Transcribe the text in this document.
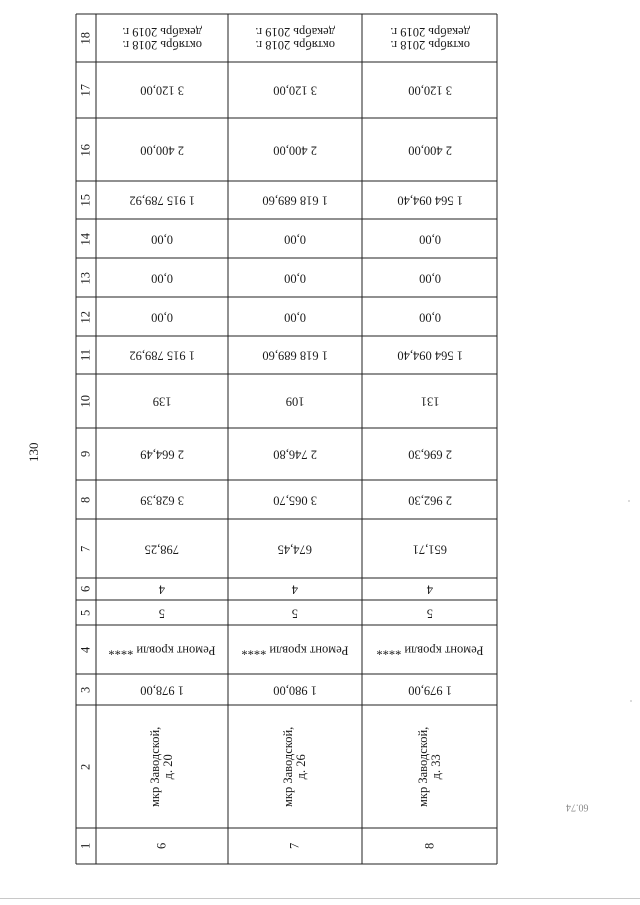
130
18
17
16
15
14
13
12
11
10
9
8
7
6
5
4
3
2
1
октябрь 2018 г.
декабрь 2019 г.
3 120,00
2 400,00
1 915 789,92
0,00
0,00
0,00
1 915 789,92
139
2 664,49
3 628,39
798,25
4
5
Ремонт кровли ****
1 978,00
мкр Заводской, д. 20
6
октябрь 2018 г.
декабрь 2019 г.
3 120,00
2 400,00
1 618 689,60
0,00
0,00
0,00
1 618 689,60
109
2 746,80
3 065,70
674,45
4
5
Ремонт кровли ****
1 980,00
мкр Заводской, д. 26
7
октябрь 2018 г.
декабрь 2019 г.
3 120,00
2 400,00
1 564 094,40
0,00
0,00
0,00
1 564 094,40
131
2 696,30
2 962,30
651,71
4
5
Ремонт кровли ****
1 979,00
мкр Заводской, д. 33
8
60.74
